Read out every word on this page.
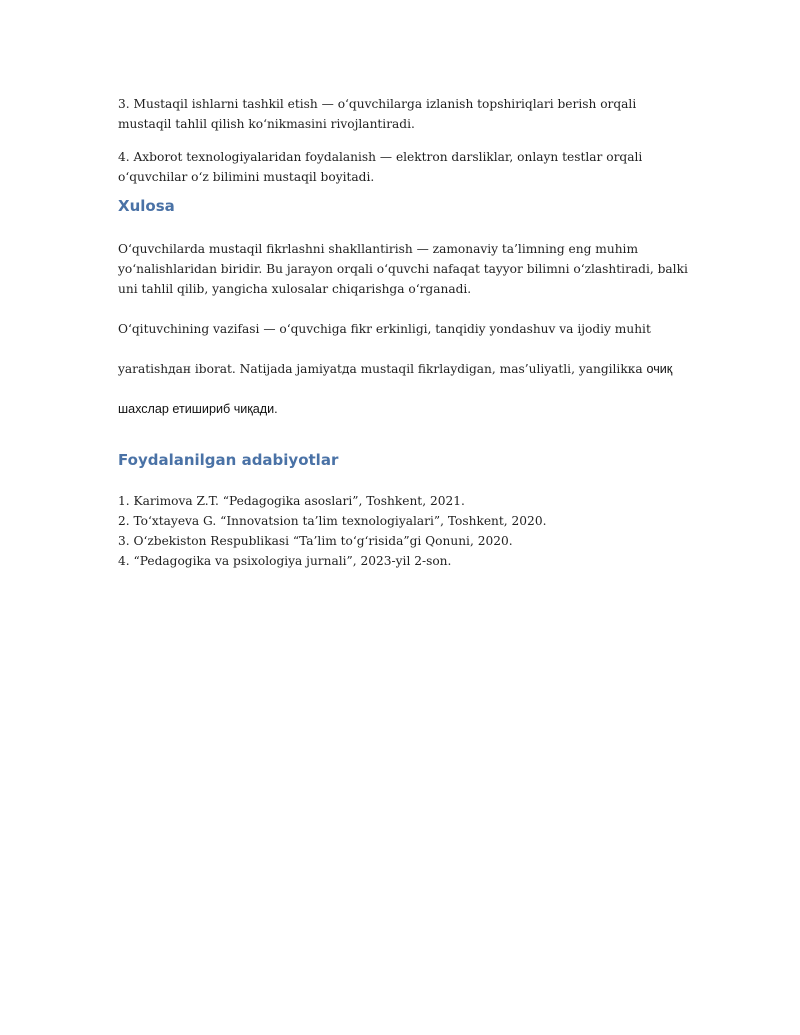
3. Mustaqil ishlarni tashkil etish — o‘quvchilarga izlanish topshiriqlari berish orqali
mustaqil tahlil qilish ko‘nikmasini rivojlantiradi.

4. Axborot texnologiyalaridan foydalanish — elektron darsliklar, onlayn testlar orqali
o‘quvchilar o‘z bilimini mustaqil boyitadi.

Xulosa

O‘quvchilarda mustaqil fikrlashni shakllantirish — zamonaviy ta’limning eng muhim
yo‘nalishlaridan biridir. Bu jarayon orqali o‘quvchi nafaqat tayyor bilimni o‘zlashtiradi, balki
uni tahlil qilib, yangicha xulosalar chiqarishga o‘rganadi.

O‘qituvchining vazifasi — o‘quvchiga fikr erkinligi, tanqidiy yondashuv va ijodiy muhit

yaratishдан iborat. Natijada jamiyatда mustaqil fikrlaydigan, mas’uliyatli, yangilikка очиқ

шахслар етишириб чиқади.

Foydalanilgan adabiyotlar
1. Karimova Z.T. “Pedagogika asoslari”, Toshkent, 2021.
2. To‘xtayeva G. “Innovatsion ta’lim texnologiyalari”, Toshkent, 2020.
3. O‘zbekiston Respublikasi “Ta’lim to‘g‘risida”gi Qonuni, 2020.
4. “Pedagogika va psixologiya jurnali”, 2023-yil 2-son.
